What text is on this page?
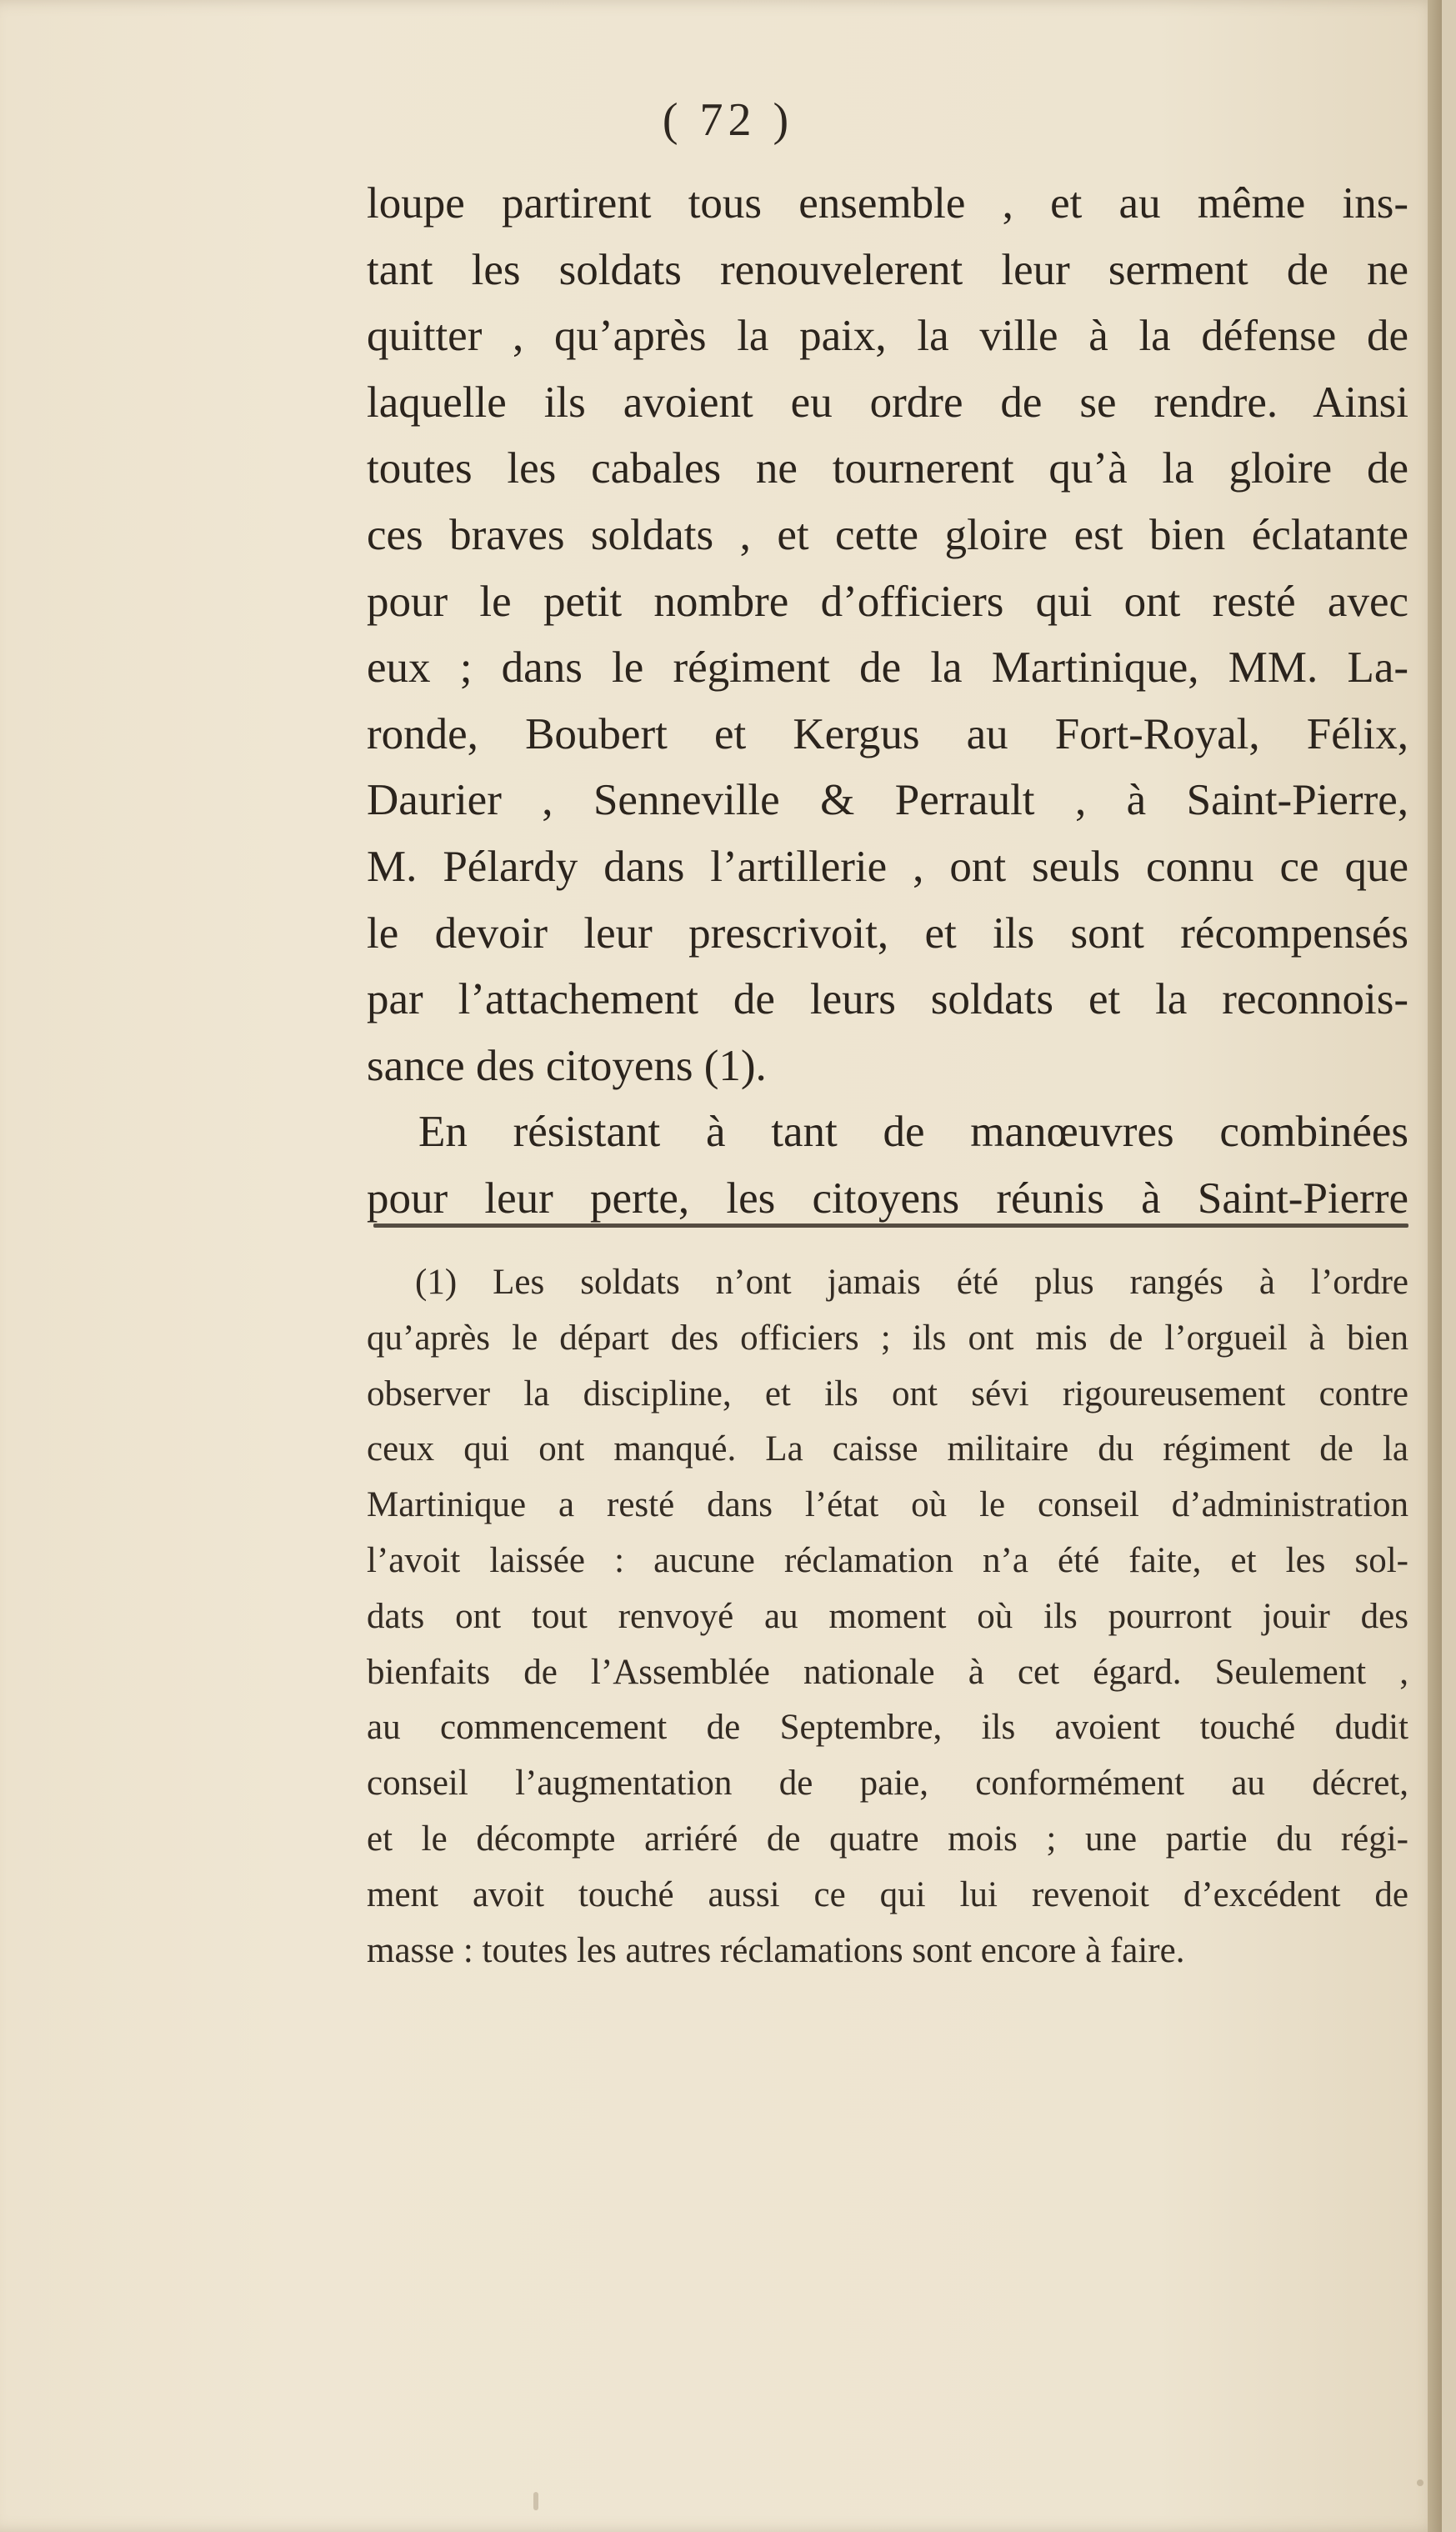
( 72 )
loupe partirent tous ensemble , et au même ins-
tant les soldats renouvelerent leur serment de ne
quitter , qu’après la paix, la ville à la défense de
laquelle ils avoient eu ordre de se rendre. Ainsi
toutes les cabales ne tournerent qu’à la gloire de
ces braves soldats , et cette gloire est bien éclatante
pour le petit nombre d’officiers qui ont resté avec
eux ; dans le régiment de la Martinique, MM. La-
ronde, Boubert et Kergus au Fort-Royal, Félix,
Daurier , Senneville & Perrault , à Saint-Pierre,
M. Pélardy dans l’artillerie , ont seuls connu ce que
le devoir leur prescrivoit, et ils sont récompensés
par l’attachement de leurs soldats et la reconnois-
sance des citoyens (1).
En résistant à tant de manœuvres combinées
pour leur perte, les citoyens réunis à Saint-Pierre
(1) Les soldats n’ont jamais été plus rangés à l’ordre
qu’après le départ des officiers ; ils ont mis de l’orgueil à bien
observer la discipline, et ils ont sévi rigoureusement contre
ceux qui ont manqué. La caisse militaire du régiment de la
Martinique a resté dans l’état où le conseil d’administration
l’avoit laissée : aucune réclamation n’a été faite, et les sol-
dats ont tout renvoyé au moment où ils pourront jouir des
bienfaits de l’Assemblée nationale à cet égard. Seulement ,
au commencement de Septembre, ils avoient touché dudit
conseil l’augmentation de paie, conformément au décret,
et le décompte arriéré de quatre mois ; une partie du régi-
ment avoit touché aussi ce qui lui revenoit d’excédent de
masse : toutes les autres réclamations sont encore à faire.
